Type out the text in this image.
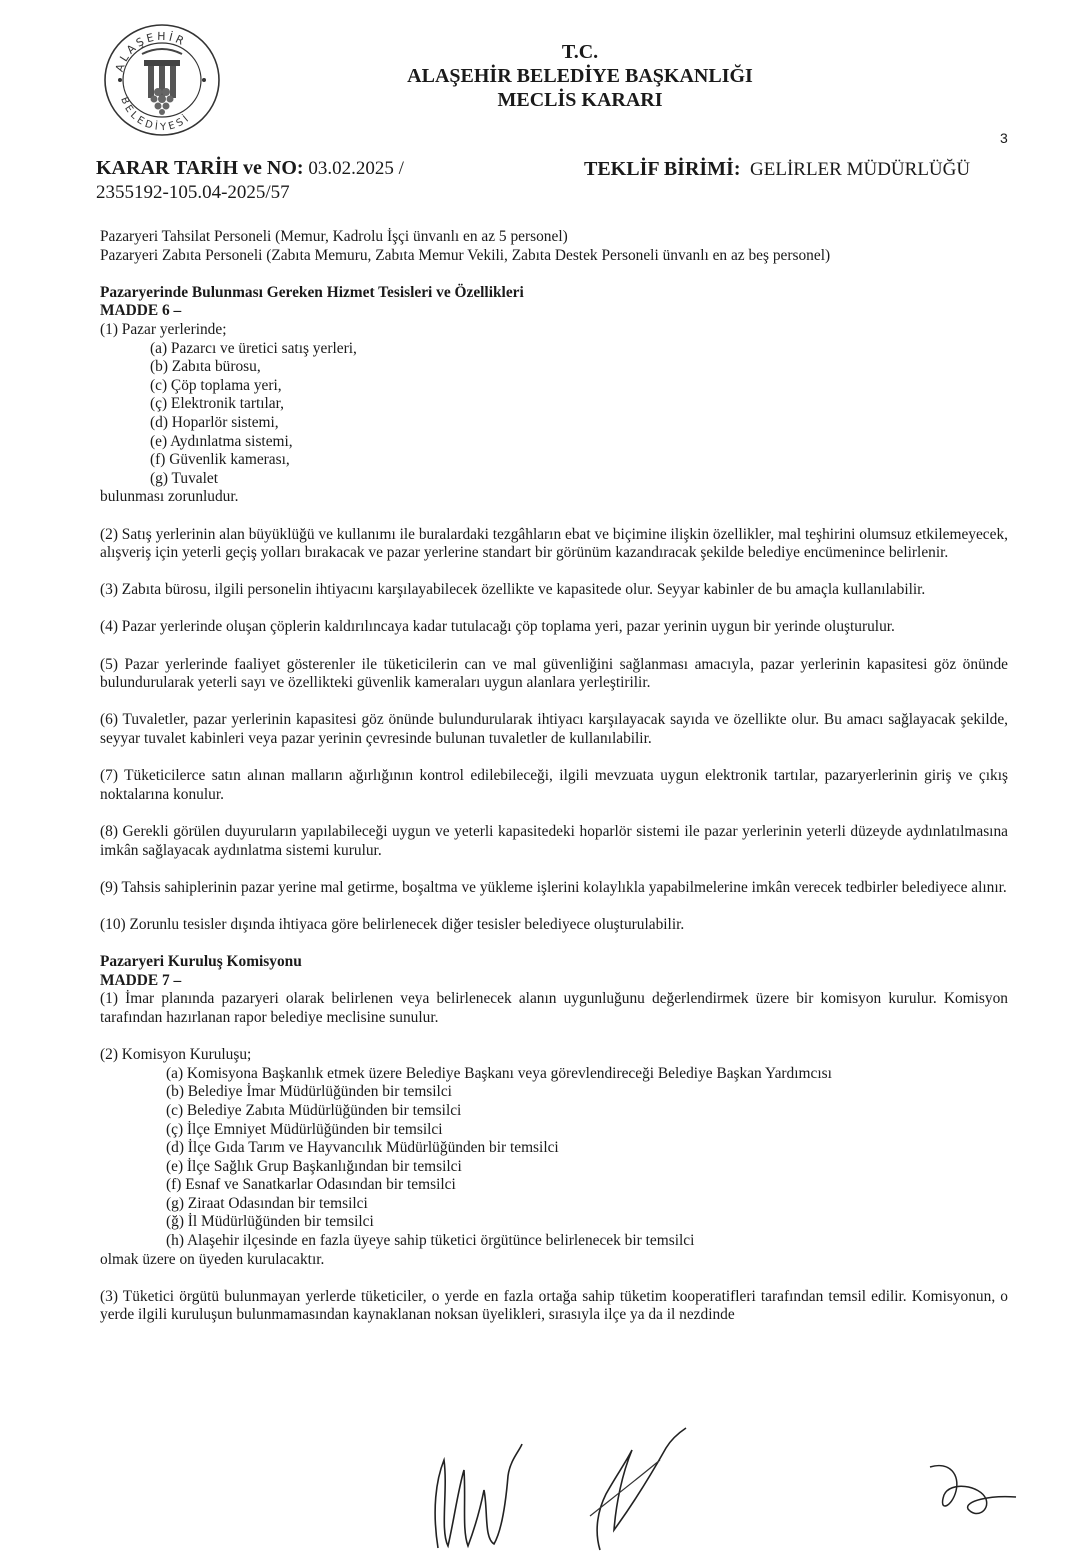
ALAŞEHİR
BELEDİYESİ
T.C.
ALAŞEHİR BELEDİYE BAŞKANLIĞI
MECLİS KARARI
3
KARAR TARİH ve NO: 03.02.2025 /
2355192-105.04-2025/57
TEKLİF BİRİMİ: GELİRLER MÜDÜRLÜĞÜ

Pazaryeri Tahsilat Personeli (Memur, Kadrolu İşçi ünvanlı en az 5 personel)

Pazaryeri Zabıta Personeli (Zabıta Memuru, Zabıta Memur Vekili, Zabıta Destek Personeli ünvanlı en az beş personel)

Pazaryerinde Bulunması Gereken Hizmet Tesisleri ve Özellikleri

MADDE 6 –

(1) Pazar yerlerinde;

(a) Pazarcı ve üretici satış yerleri,

(b) Zabıta bürosu,

(c) Çöp toplama yeri,

(ç) Elektronik tartılar,

(d) Hoparlör sistemi,

(e) Aydınlatma sistemi,

(f) Güvenlik kamerası,

(g) Tuvalet

bulunması zorunludur.

(2) Satış yerlerinin alan büyüklüğü ve kullanımı ile buralardaki tezgâhların ebat ve biçimine ilişkin özellikler, mal teşhirini olumsuz etkilemeyecek, alışveriş için yeterli geçiş yolları bırakacak ve pazar yerlerine standart bir görünüm kazandıracak şekilde belediye encümenince belirlenir.

(3) Zabıta bürosu, ilgili personelin ihtiyacını karşılayabilecek özellikte ve kapasitede olur. Seyyar kabinler de bu amaçla kullanılabilir.

(4) Pazar yerlerinde oluşan çöplerin kaldırılıncaya kadar tutulacağı çöp toplama yeri, pazar yerinin uygun bir yerinde oluşturulur.

(5) Pazar yerlerinde faaliyet gösterenler ile tüketicilerin can ve mal güvenliğini sağlanması amacıyla, pazar yerlerinin kapasitesi göz önünde bulundurularak yeterli sayı ve özellikteki güvenlik kameraları uygun alanlara yerleştirilir.

(6) Tuvaletler, pazar yerlerinin kapasitesi göz önünde bulundurularak ihtiyacı karşılayacak sayıda ve özellikte olur. Bu amacı sağlayacak şekilde, seyyar tuvalet kabinleri veya pazar yerinin çevresinde bulunan tuvaletler de kullanılabilir.

(7) Tüketicilerce satın alınan malların ağırlığının kontrol edilebileceği, ilgili mevzuata uygun elektronik tartılar, pazaryerlerinin giriş ve çıkış noktalarına konulur.

(8) Gerekli görülen duyuruların yapılabileceği uygun ve yeterli kapasitedeki hoparlör sistemi ile pazar yerlerinin yeterli düzeyde aydınlatılmasına imkân sağlayacak aydınlatma sistemi kurulur.

(9) Tahsis sahiplerinin pazar yerine mal getirme, boşaltma ve yükleme işlerini kolaylıkla yapabilmelerine imkân verecek tedbirler belediyece alınır.

(10) Zorunlu tesisler dışında ihtiyaca göre belirlenecek diğer tesisler belediyece oluşturulabilir.

Pazaryeri Kuruluş Komisyonu

MADDE 7 –

(1) İmar planında pazaryeri olarak belirlenen veya belirlenecek alanın uygunluğunu değerlendirmek üzere bir komisyon kurulur. Komisyon tarafından hazırlanan rapor belediye meclisine sunulur.

(2) Komisyon Kuruluşu;

(a) Komisyona Başkanlık etmek üzere Belediye Başkanı veya görevlendireceği Belediye Başkan Yardımcısı

(b) Belediye İmar Müdürlüğünden bir temsilci

(c) Belediye Zabıta Müdürlüğünden bir temsilci

(ç) İlçe Emniyet Müdürlüğünden bir temsilci

(d) İlçe Gıda Tarım ve Hayvancılık Müdürlüğünden bir temsilci

(e) İlçe Sağlık Grup Başkanlığından bir temsilci

(f) Esnaf ve Sanatkarlar Odasından bir temsilci

(g) Ziraat Odasından bir temsilci

(ğ) İl Müdürlüğünden bir temsilci

(h) Alaşehir ilçesinde en fazla üyeye sahip tüketici örgütünce belirlenecek bir temsilci

olmak üzere on üyeden kurulacaktır.

(3) Tüketici örgütü bulunmayan yerlerde tüketiciler, o yerde en fazla ortağa sahip tüketim kooperatifleri tarafından temsil edilir. Komisyonun, o yerde ilgili kuruluşun bulunmamasından kaynaklanan noksan üyelikleri, sırasıyla ilçe ya da il nezdinde
